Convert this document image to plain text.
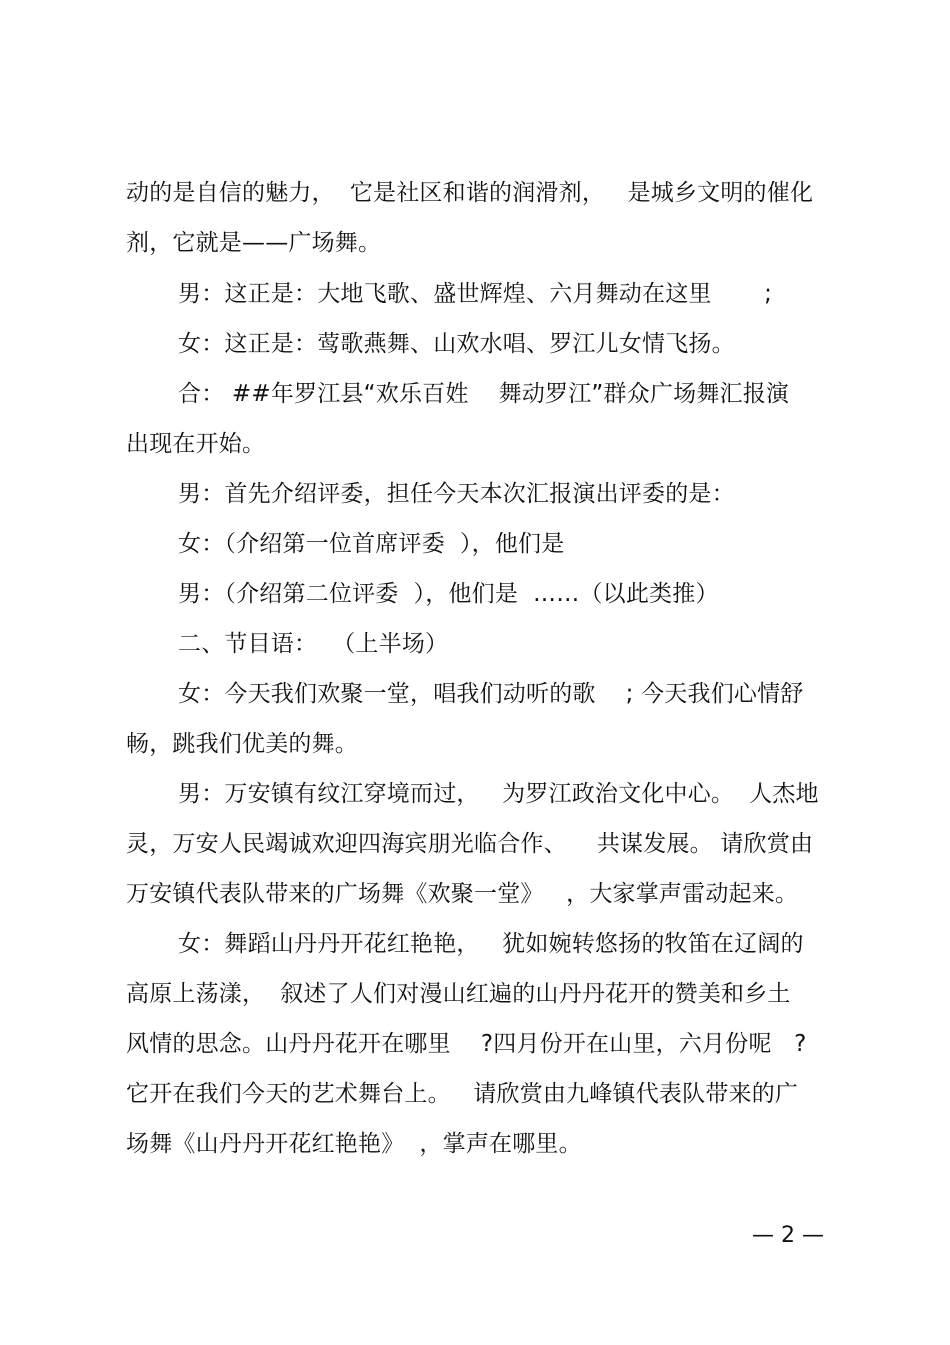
动的是自信的魅力，  它是社区和谐的润滑剂，   是城乡文明的催化
剂，它就是——广场舞。
男：这正是：大地飞歌、盛世辉煌、六月舞动在这里       ;
女：这正是：莺歌燕舞、山欢水唱、罗江儿女情飞扬。
合： ##年罗江县“欢乐百姓    舞动罗江”群众广场舞汇报演
出现在开始。
男：首先介绍评委，担任今天本次汇报演出评委的是：
女：（介绍第一位首席评委  ），他们是
男：（介绍第二位评委  ），他们是  ……（以此类推）
二、节目语：  （上半场）
女：今天我们欢聚一堂，唱我们动听的歌    ; 今天我们心情舒
畅，跳我们优美的舞。
男：万安镇有纹江穿境而过，   为罗江政治文化中心。  人杰地
灵，万安人民竭诚欢迎四海宾朋光临合作、    共谋发展。 请欣赏由
万安镇代表队带来的广场舞《欢聚一堂》   ，大家掌声雷动起来。
女：舞蹈山丹丹开花红艳艳，   犹如婉转悠扬的牧笛在辽阔的
高原上荡漾，  叙述了人们对漫山红遍的山丹丹花开的赞美和乡土
风情的思念。山丹丹花开在哪里    ?四月份开在山里，六月份呢   ?
它开在我们今天的艺术舞台上。   请欣赏由九峰镇代表队带来的广
场舞《山丹丹开花红艳艳》  ，掌声在哪里。
— 2 —
